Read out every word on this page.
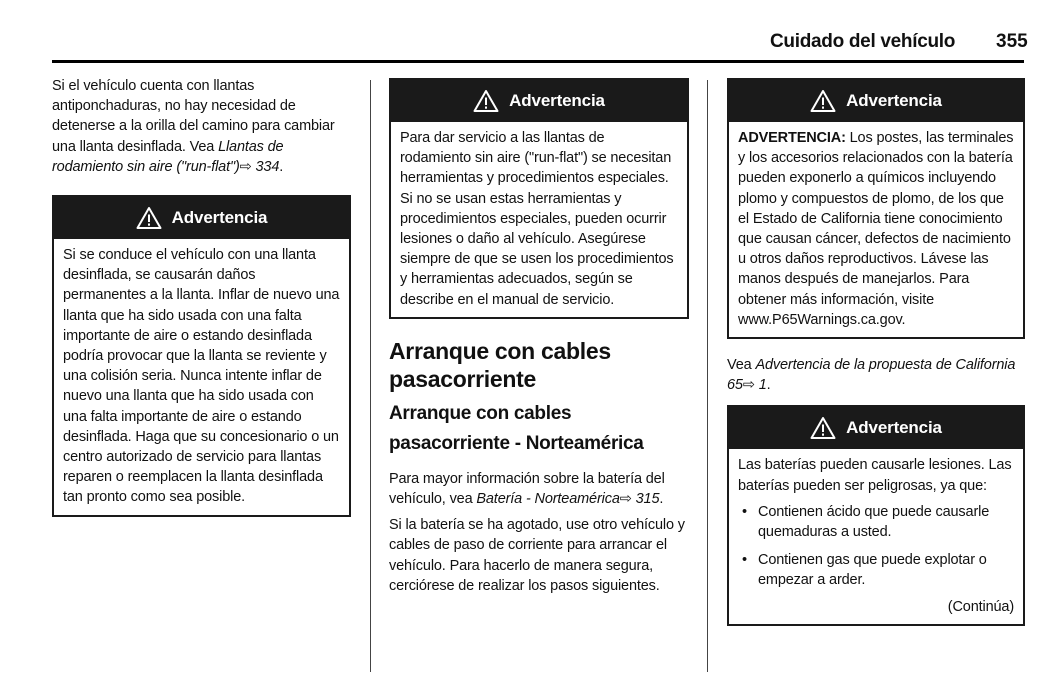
Cuidado del vehículo 355

Si el vehículo cuenta con llantas antiponchaduras, no hay necesidad de detenerse a la orilla del camino para cambiar una llanta desinflada. Vea Llantas de rodamiento sin aire ("run-flat")⇨ 334.

Advertencia
Si se conduce el vehículo con una llanta desinflada, se causarán daños permanentes a la llanta. Inflar de nuevo una llanta que ha sido usada con una falta importante de aire o estando desinflada podría provocar que la llanta se reviente y una colisión seria. Nunca intente inflar de nuevo una llanta que ha sido usada con una falta importante de aire o estando desinflada. Haga que su concesionario o un centro autorizado de servicio para llantas reparen o reemplacen la llanta desinflada tan pronto como sea posible.
Advertencia
Para dar servicio a las llantas de rodamiento sin aire ("run-flat") se necesitan herramientas y procedimientos especiales. Si no se usan estas herramientas y procedimientos especiales, pueden ocurrir lesiones o daño al vehículo. Asegúrese siempre de que se usen los procedimientos y herramientas adecuados, según se describe en el manual de servicio.
Arranque con cables pasacorriente
Arranque con cables pasacorriente - Norteamérica

Para mayor información sobre la batería del vehículo, vea Batería - Norteamérica⇨ 315.

Si la batería se ha agotado, use otro vehículo y cables de paso de corriente para arrancar el vehículo. Para hacerlo de manera segura, cerciórese de realizar los pasos siguientes.

Advertencia
ADVERTENCIA: Los postes, las terminales y los accesorios relacionados con la batería pueden exponerlo a químicos incluyendo plomo y compuestos de plomo, de los que el Estado de California tiene conocimiento que causan cáncer, defectos de nacimiento u otros daños reproductivos. Lávese las manos después de manejarlos. Para obtener más información, visite www.P65Warnings.ca.gov.

Vea Advertencia de la propuesta de California 65⇨ 1.

Advertencia

Las baterías pueden causarle lesiones. Las baterías pueden ser peligrosas, ya que:

• Contienen ácido que puede causarle quemaduras a usted.
• Contienen gas que puede explotar o empezar a arder.
(Continúa)
